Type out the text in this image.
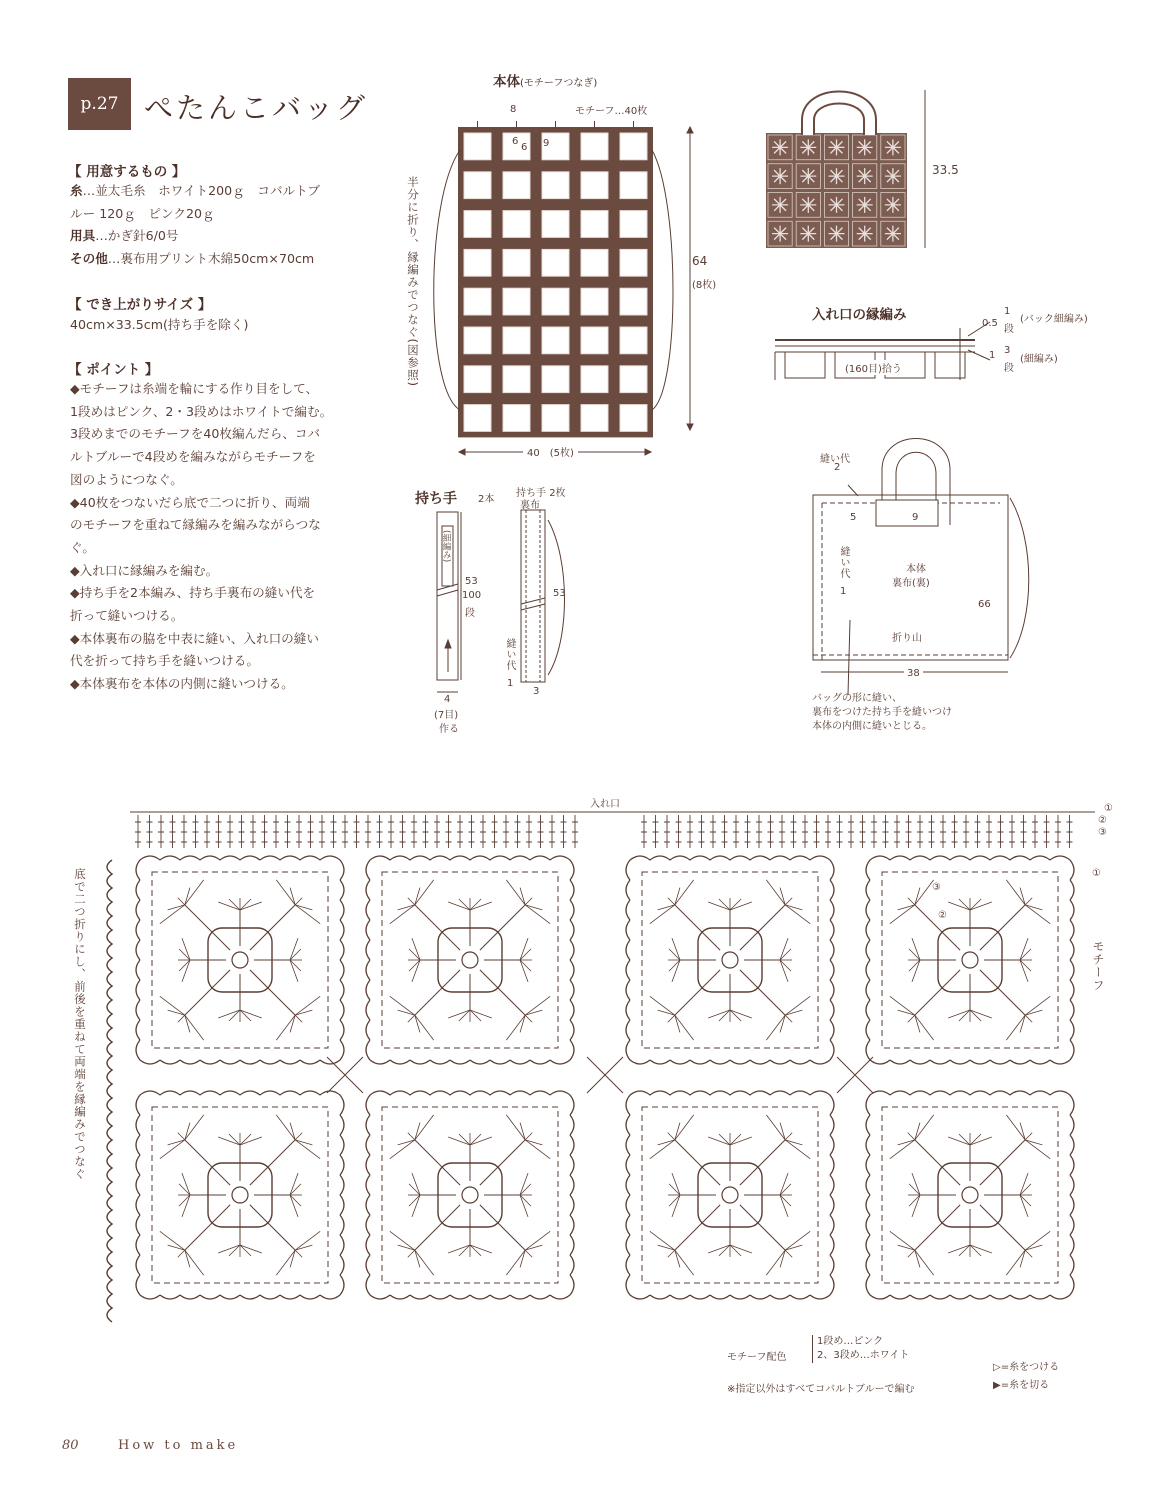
p.27 ぺたんこバッグ
【 用意するもの 】
糸…並太毛糸　ホワイト200ｇ　コバルトブ
ルー 120ｇ　ピンク20ｇ
用具…かぎ針6/0号
その他…裏布用プリント木綿50cm×70cm
【 でき上がりサイズ 】
40cm×33.5cm(持ち手を除く)
【 ポイント 】
◆モチーフは糸端を輪にする作り目をして、
1段めはピンク、2・3段めはホワイトで編む。
3段めまでのモチーフを40枚編んだら、コバ
ルトブルーで4段めを編みながらモチーフを
図のようにつなぐ。
◆40枚をつないだら底で二つに折り、両端
のモチーフを重ねて縁編みを編みながらつな
ぐ。
◆入れ口に縁編みを編む。
◆持ち手を2本編み、持ち手裏布の縫い代を
折って縫いつける。
◆本体裏布の脇を中表に縫い、入れ口の縫い
代を折って持ち手を縫いつける。
◆本体裏布を本体の内側に縫いつける。
本体(モチーフつなぎ)
モチーフ…40枚
8
6
6 9
64
(8枚)
40　(5枚)
半分に折り、縁編みでつなぐ(図参照)
33.5
入れ口の縁編み
0.5
1
段
(バック細編み)
1 3
段
(細編み)
(160目)拾う
持ち手 2本
(細編み)
53
100
段
4
(7目)
作る
持ち手 2枚
裏布
53
縫い代
1
3
縫い代
2
5	9
縫い代
1
本体
裏布(裏)
折り山
38
66
バッグの形に縫い、
裏布をつけた持ち手を縫いつけ
本体の内側に縫いとじる。
入れ口
底で二つ折りにし、前後を重ねて両端を縁編みでつなぐ	モチーフ
①
②
③
①
③
②
モチーフ配色
1段め…ピンク
2、3段め…ホワイト
※指定以外はすべてコバルトブルーで編む
▷=糸をつける
▶=糸を切る
80	How to make
